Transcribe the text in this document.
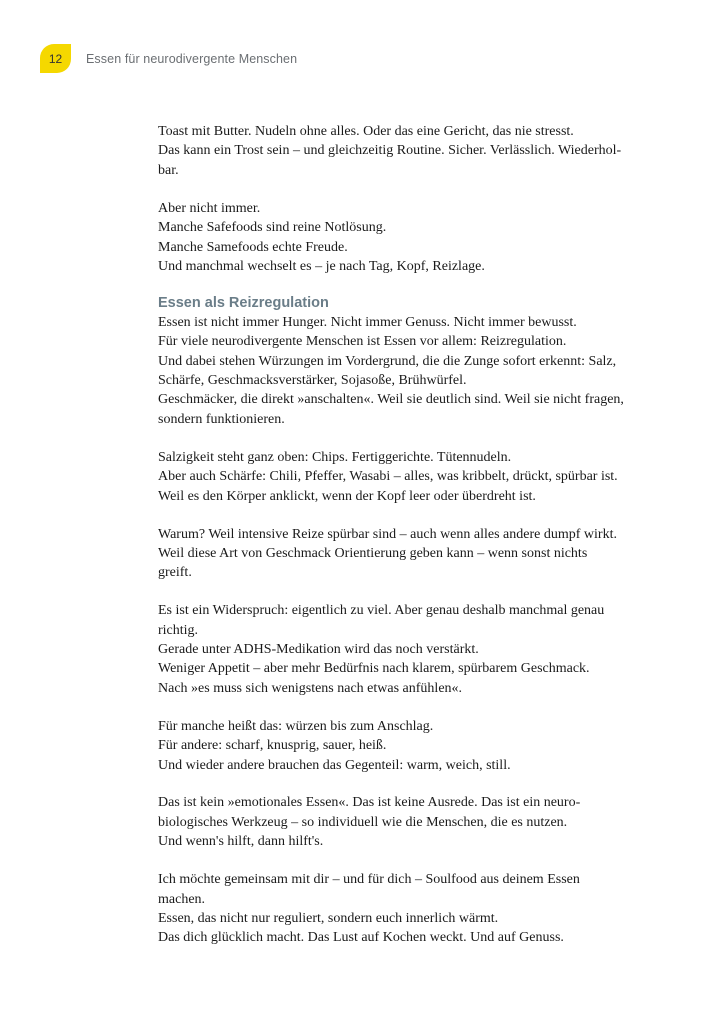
12 Essen für neurodivergente Menschen
Toast mit Butter. Nudeln ohne alles. Oder das eine Gericht, das nie stresst.
Das kann ein Trost sein – und gleichzeitig Routine. Sicher. Verlässlich. Wiederhol-
bar.
Aber nicht immer.
Manche Safefoods sind reine Notlösung.
Manche Samefoods echte Freude.
Und manchmal wechselt es – je nach Tag, Kopf, Reizlage.
Essen als Reizregulation
Essen ist nicht immer Hunger. Nicht immer Genuss. Nicht immer bewusst.
Für viele neurodivergente Menschen ist Essen vor allem: Reizregulation.
Und dabei stehen Würzungen im Vordergrund, die die Zunge sofort erkennt: Salz,
Schärfe, Geschmacksverstärker, Sojasoße, Brühwürfel.
Geschmäcker, die direkt »anschalten«. Weil sie deutlich sind. Weil sie nicht fragen,
sondern funktionieren.
Salzigkeit steht ganz oben: Chips. Fertiggerichte. Tütennudeln.
Aber auch Schärfe: Chili, Pfeffer, Wasabi – alles, was kribbelt, drückt, spürbar ist.
Weil es den Körper anklickt, wenn der Kopf leer oder überdreht ist.
Warum? Weil intensive Reize spürbar sind – auch wenn alles andere dumpf wirkt.
Weil diese Art von Geschmack Orientierung geben kann – wenn sonst nichts
greift.
Es ist ein Widerspruch: eigentlich zu viel. Aber genau deshalb manchmal genau
richtig.
Gerade unter ADHS-Medikation wird das noch verstärkt.
Weniger Appetit – aber mehr Bedürfnis nach klarem, spürbarem Geschmack.
Nach »es muss sich wenigstens nach etwas anfühlen«.
Für manche heißt das: würzen bis zum Anschlag.
Für andere: scharf, knusprig, sauer, heiß.
Und wieder andere brauchen das Gegenteil: warm, weich, still.
Das ist kein »emotionales Essen«. Das ist keine Ausrede. Das ist ein neuro-
biologisches Werkzeug – so individuell wie die Menschen, die es nutzen.
Und wenn's hilft, dann hilft's.
Ich möchte gemeinsam mit dir – und für dich – Soulfood aus deinem Essen
machen.
Essen, das nicht nur reguliert, sondern euch innerlich wärmt.
Das dich glücklich macht. Das Lust auf Kochen weckt. Und auf Genuss.
